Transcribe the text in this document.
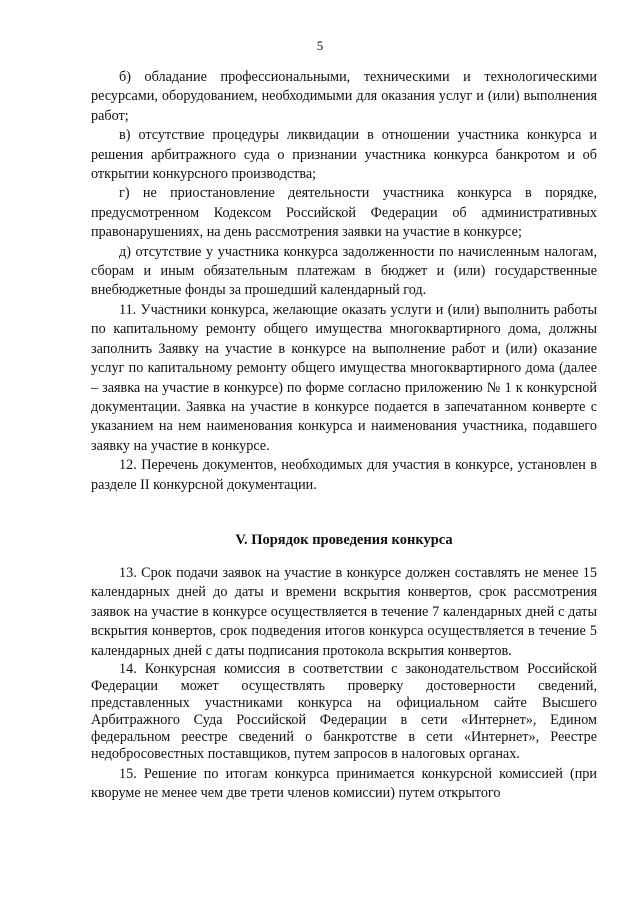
5

б) обладание профессиональными, техническими и технологическими ресурсами, оборудованием, необходимыми для оказания услуг и (или) выполнения работ;

в) отсутствие процедуры ликвидации в отношении участника конкурса и решения арбитражного суда о признании участника конкурса банкротом и об открытии конкурсного производства;

г) не приостановление деятельности участника конкурса в порядке, предусмотренном Кодексом Российской Федерации об административных правонарушениях, на день рассмотрения заявки на участие в конкурсе;

д) отсутствие у участника конкурса задолженности по начисленным налогам, сборам и иным обязательным платежам в бюджет и (или) государственные внебюджетные фонды за прошедший календарный год.

11. Участники конкурса, желающие оказать услуги и (или) выполнить работы по капитальному ремонту общего имущества многоквартирного дома, должны заполнить Заявку на участие в конкурсе на выполнение работ и (или) оказание услуг по капитальному ремонту общего имущества многоквартирного дома (далее – заявка на участие в конкурсе) по форме согласно приложению № 1 к конкурсной документации. Заявка на участие в конкурсе подается в запечатанном конверте с указанием на нем наименования конкурса и наименования участника, подавшего заявку на участие в конкурсе.

12. Перечень документов, необходимых для участия в конкурсе, установлен в разделе II конкурсной документации.

V. Порядок проведения конкурса

13. Срок подачи заявок на участие в конкурсе должен составлять не менее 15 календарных дней до даты и времени вскрытия конвертов, срок рассмотрения заявок на участие в конкурсе осуществляется в течение 7 календарных дней с даты вскрытия конвертов, срок подведения итогов конкурса осуществляется в течение 5 календарных дней с даты подписания протокола вскрытия конвертов.

14. Конкурсная комиссия в соответствии с законодательством Российской Федерации может осуществлять проверку достоверности сведений, представленных участниками конкурса на официальном сайте Высшего Арбитражного Суда Российской Федерации в сети «Интернет», Едином федеральном реестре сведений о банкротстве в сети «Интернет», Реестре недобросовестных поставщиков, путем запросов в налоговых органах.

15. Решение по итогам конкурса принимается конкурсной комиссией (при кворуме не менее чем две трети членов комиссии) путем открытого
